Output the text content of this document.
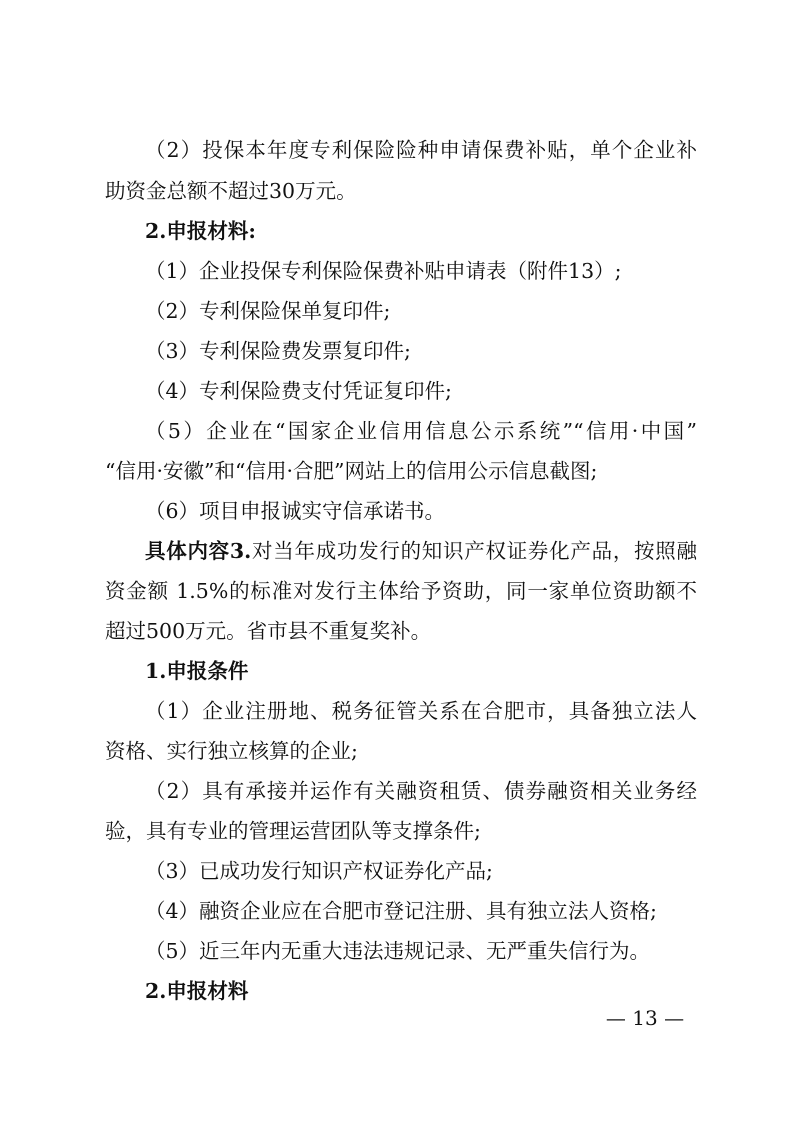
（2）投保本年度专利保险险种申请保费补贴，单个企业补
助资金总额不超过30万元。
2.申报材料:
（1）企业投保专利保险保费补贴申请表（附件13）;
（2）专利保险保单复印件;
（3）专利保险费发票复印件;
（4）专利保险费支付凭证复印件;
（5）企业在“国家企业信用信息公示系统”“信用·中国”
“信用·安徽”和“信用·合肥”网站上的信用公示信息截图;
（6）项目申报诚实守信承诺书。
具体内容3.对当年成功发行的知识产权证券化产品，按照融
资金额 1.5%的标准对发行主体给予资助，同一家单位资助额不
超过500万元。省市县不重复奖补。
1.申报条件
（1）企业注册地、税务征管关系在合肥市，具备独立法人
资格、实行独立核算的企业;
（2）具有承接并运作有关融资租赁、债券融资相关业务经
验，具有专业的管理运营团队等支撑条件;
（3）已成功发行知识产权证券化产品;
（4）融资企业应在合肥市登记注册、具有独立法人资格;
（5）近三年内无重大违法违规记录、无严重失信行为。
2.申报材料
— 13 —
